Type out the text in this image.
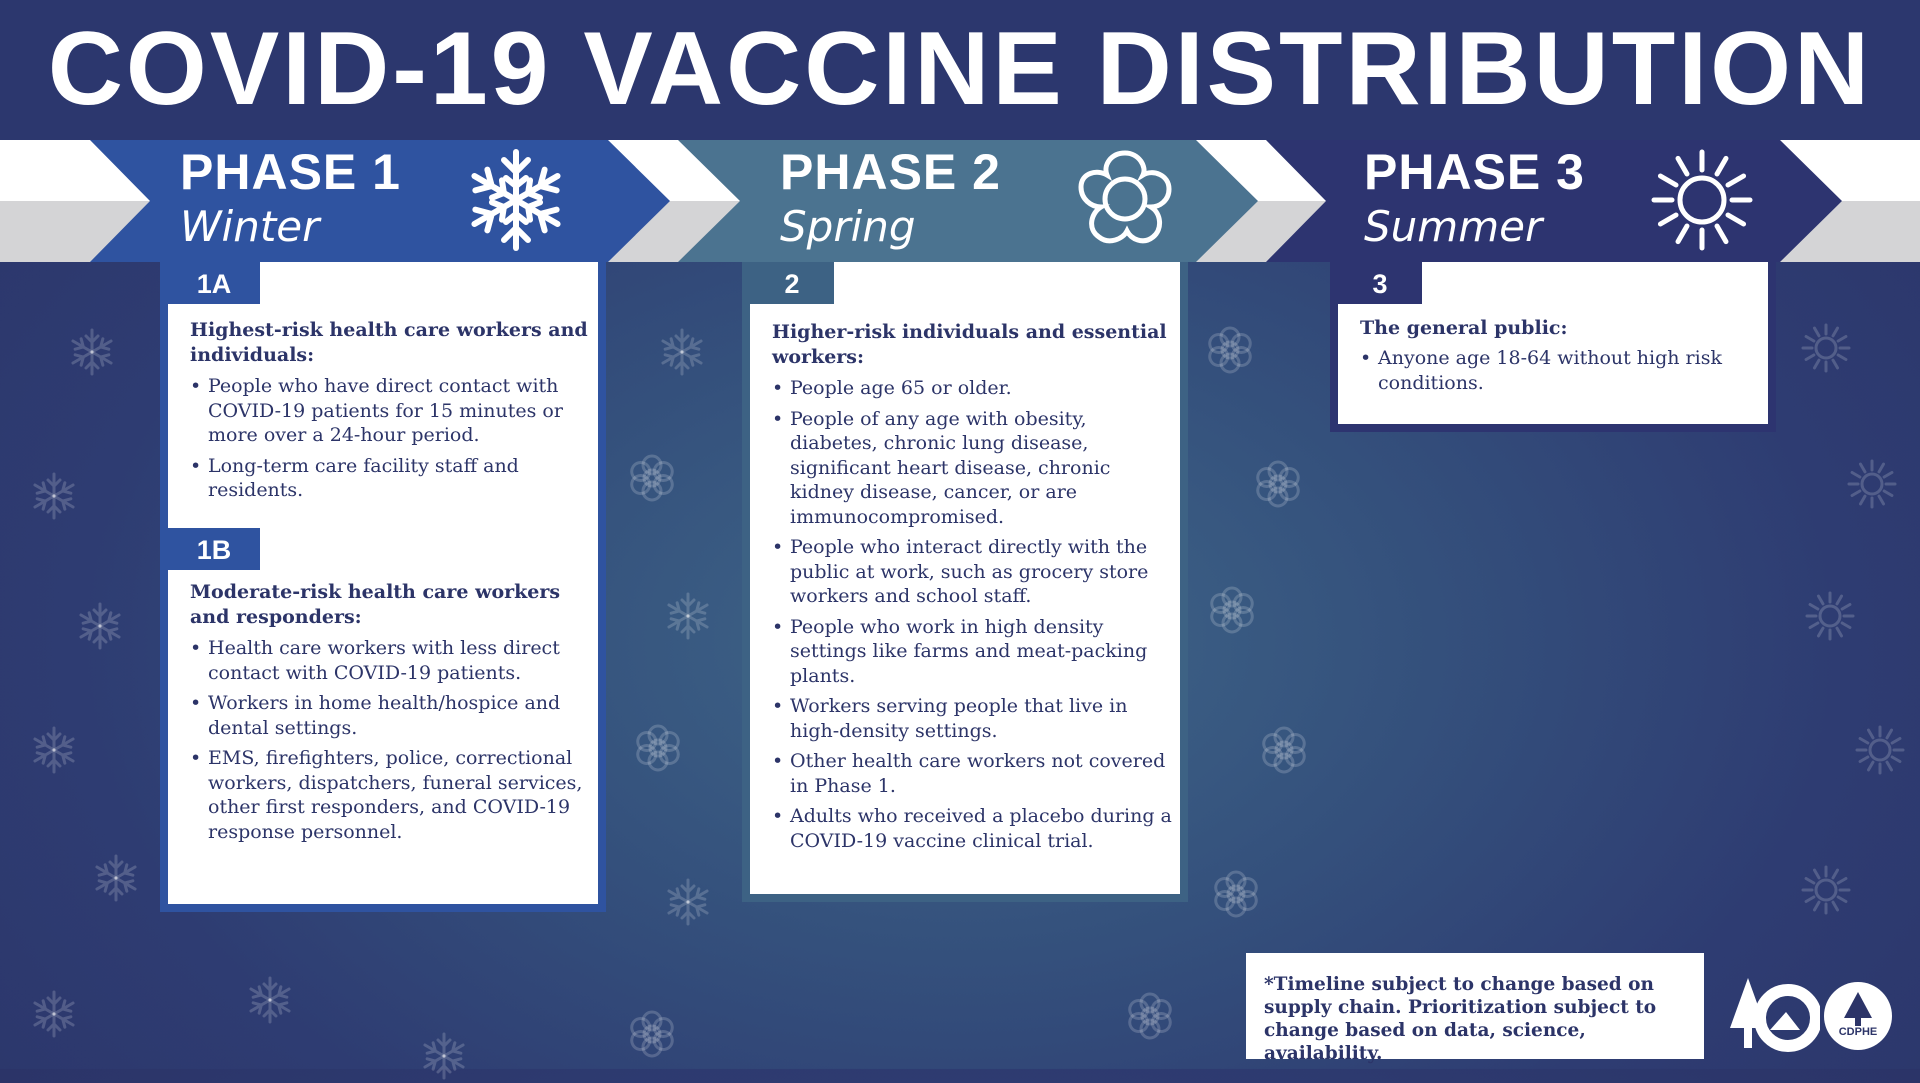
COVID-19 VACCINE DISTRIBUTION
PHASE 1
Winter
PHASE 2
Spring
PHASE 3
Summer
1A
Highest-risk health care workers and individuals:
• People who have direct contact with COVID-19 patients for 15 minutes or more over a 24-hour period.
• Long-term care facility staff and residents.
1B
Moderate-risk health care workers and responders:
• Health care workers with less direct contact with COVID-19 patients.
• Workers in home health/hospice and dental settings.
• EMS, firefighters, police, correctional workers, dispatchers, funeral services, other first responders, and COVID-19 response personnel.
2
Higher-risk individuals and essential workers:
• People age 65 or older.
• People of any age with obesity, diabetes, chronic lung disease, significant heart disease, chronic kidney disease, cancer, or are immunocompromised.
• People who interact directly with the public at work, such as grocery store workers and school staff.
• People who work in high density settings like farms and meat-packing plants.
• Workers serving people that live in high-density settings.
• Other health care workers not covered in Phase 1.
• Adults who received a placebo during a COVID-19 vaccine clinical trial.
3
The general public:
• Anyone age 18-64 without high risk conditions.
*Timeline subject to change based on supply chain. Prioritization subject to change based on data, science, availability.
CDPHE
